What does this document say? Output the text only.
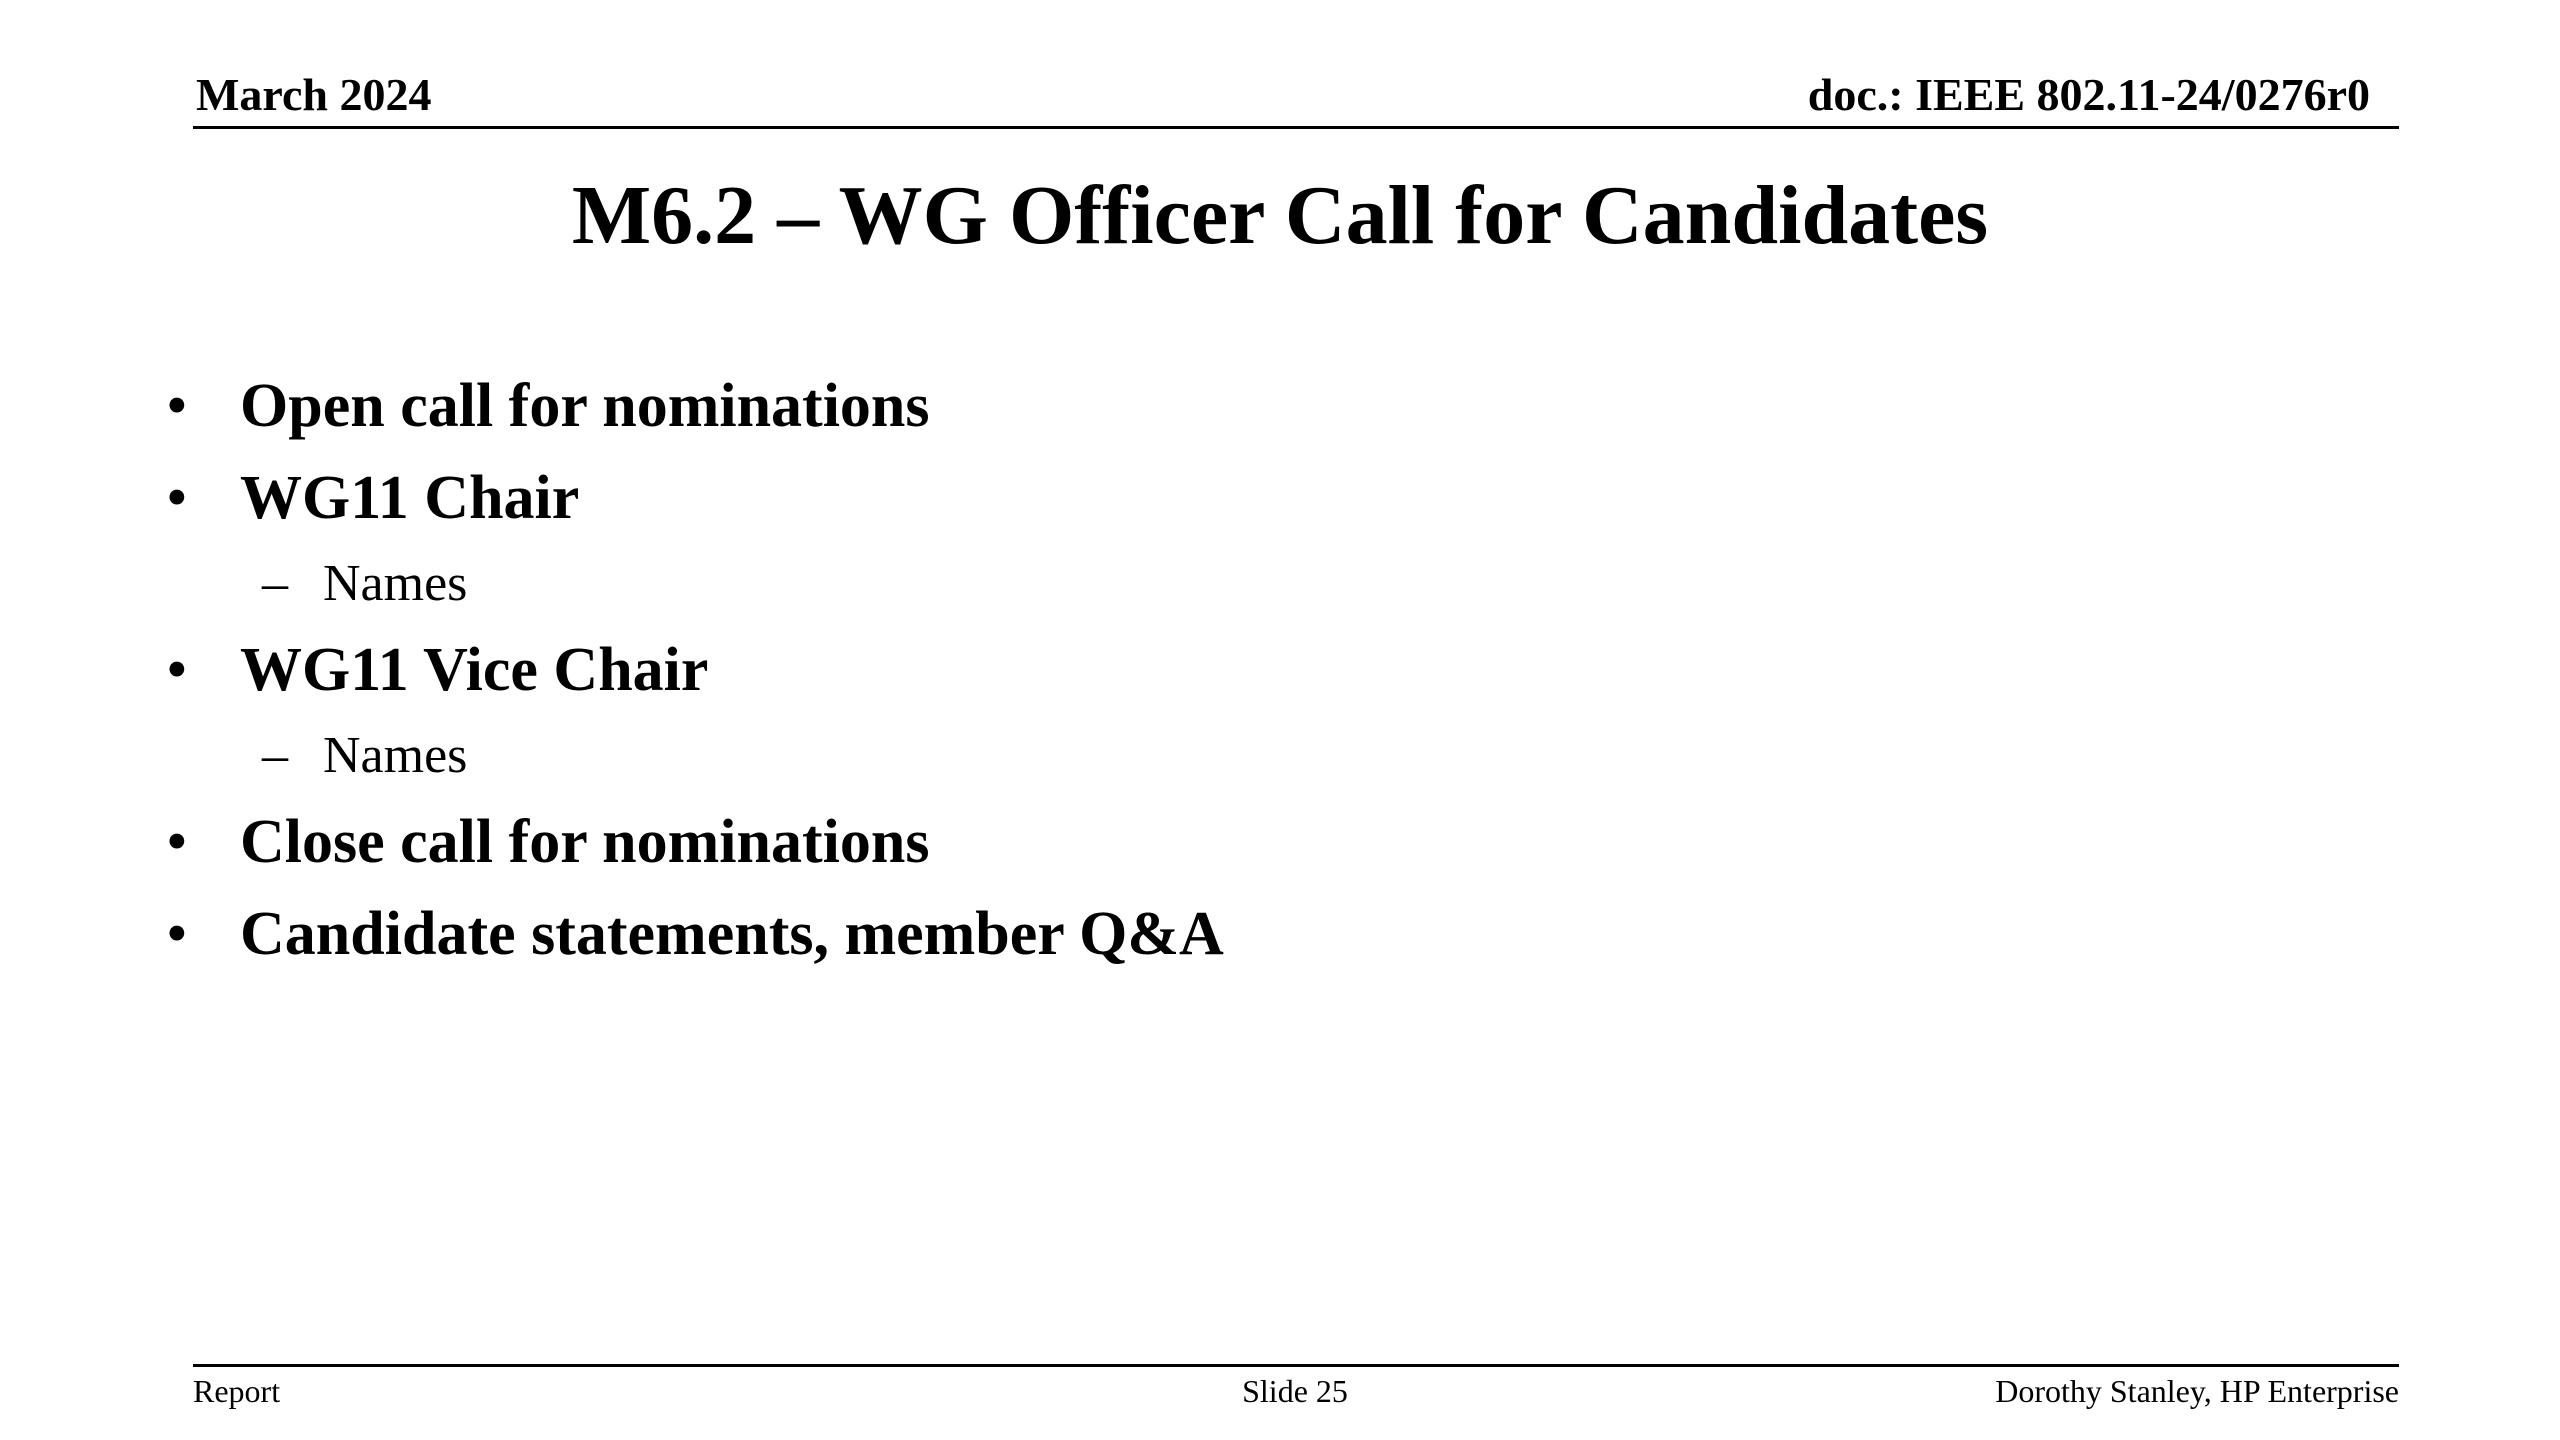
March 2024	doc.: IEEE 802.11-24/0276r0
M6.2 – WG Officer Call for Candidates
• Open call for nominations
• WG11 Chair
– Names
• WG11 Vice Chair
– Names
• Close call for nominations
• Candidate statements, member Q&A
Report	Slide 25	Dorothy Stanley, HP Enterprise
